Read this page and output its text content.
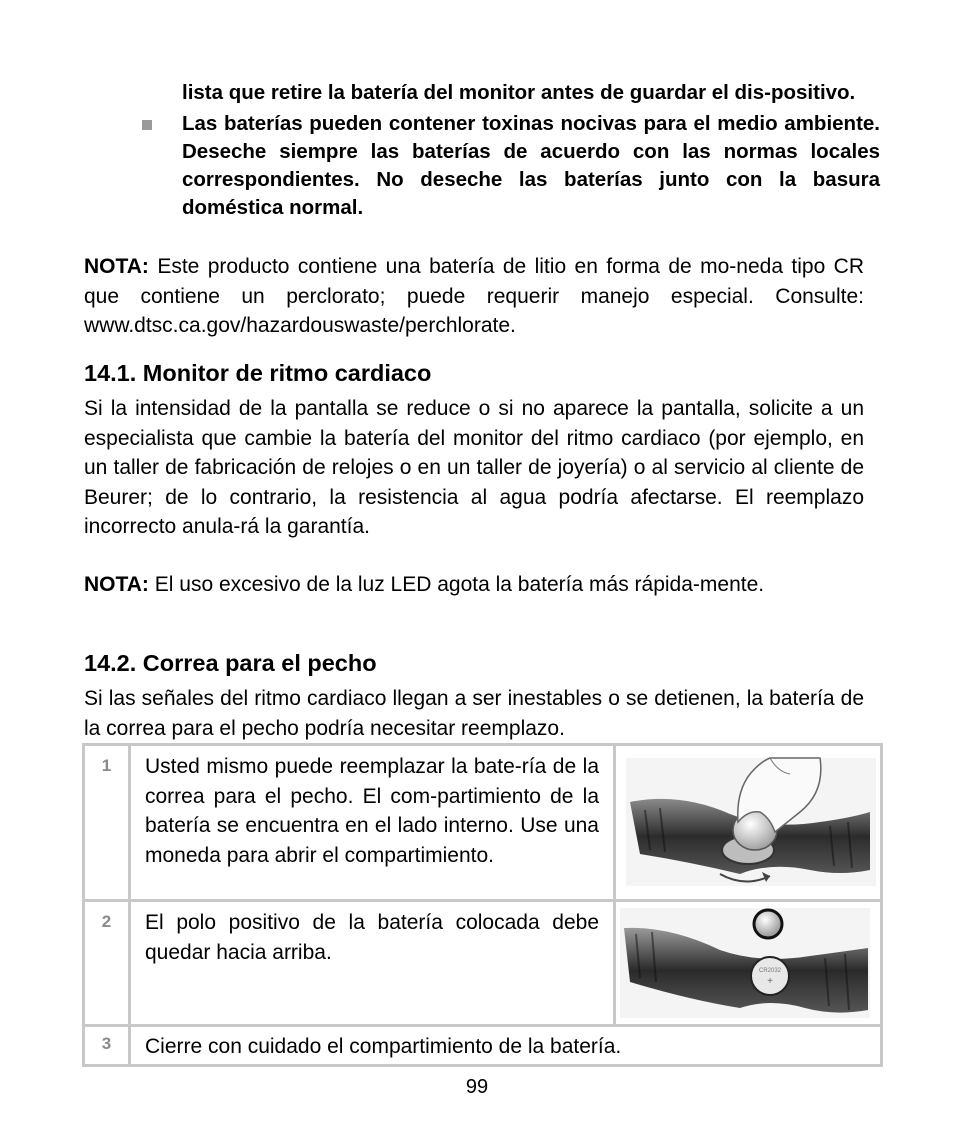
lista que retire la batería del monitor antes de guardar el dis-positivo.
Las baterías pueden contener toxinas nocivas para el medio ambiente. Deseche siempre las baterías de acuerdo con las normas locales correspondientes. No deseche las baterías junto con la basura doméstica normal.

NOTA: Este producto contiene una batería de litio en forma de mo-neda tipo CR que contiene un perclorato; puede requerir manejo especial. Consulte: www.dtsc.ca.gov/hazardouswaste/perchlorate.

14.1. Monitor de ritmo cardiaco

Si la intensidad de la pantalla se reduce o si no aparece la pantalla, solicite a un especialista que cambie la batería del monitor del ritmo cardiaco (por ejemplo, en un taller de fabricación de relojes o en un taller de joyería) o al servicio al cliente de Beurer; de lo contrario, la resistencia al agua podría afectarse. El reemplazo incorrecto anula-rá la garantía.

NOTA: El uso excesivo de la luz LED agota la batería más rápida-mente.

14.2. Correa para el pecho

Si las señales del ritmo cardiaco llegan a ser inestables o se detienen, la batería de la correa para el pecho podría necesitar reemplazo.

1	Usted mismo puede reemplazar la bate-ría de la correa para el pecho. El com-partimiento de la batería se encuentra en el lado interno. Use una moneda para abrir el compartimiento.	

2	El polo positivo de la batería colocada debe quedar hacia arriba.	CR2032
+

3	Cierre con cuidado el compartimiento de la batería.	
99
